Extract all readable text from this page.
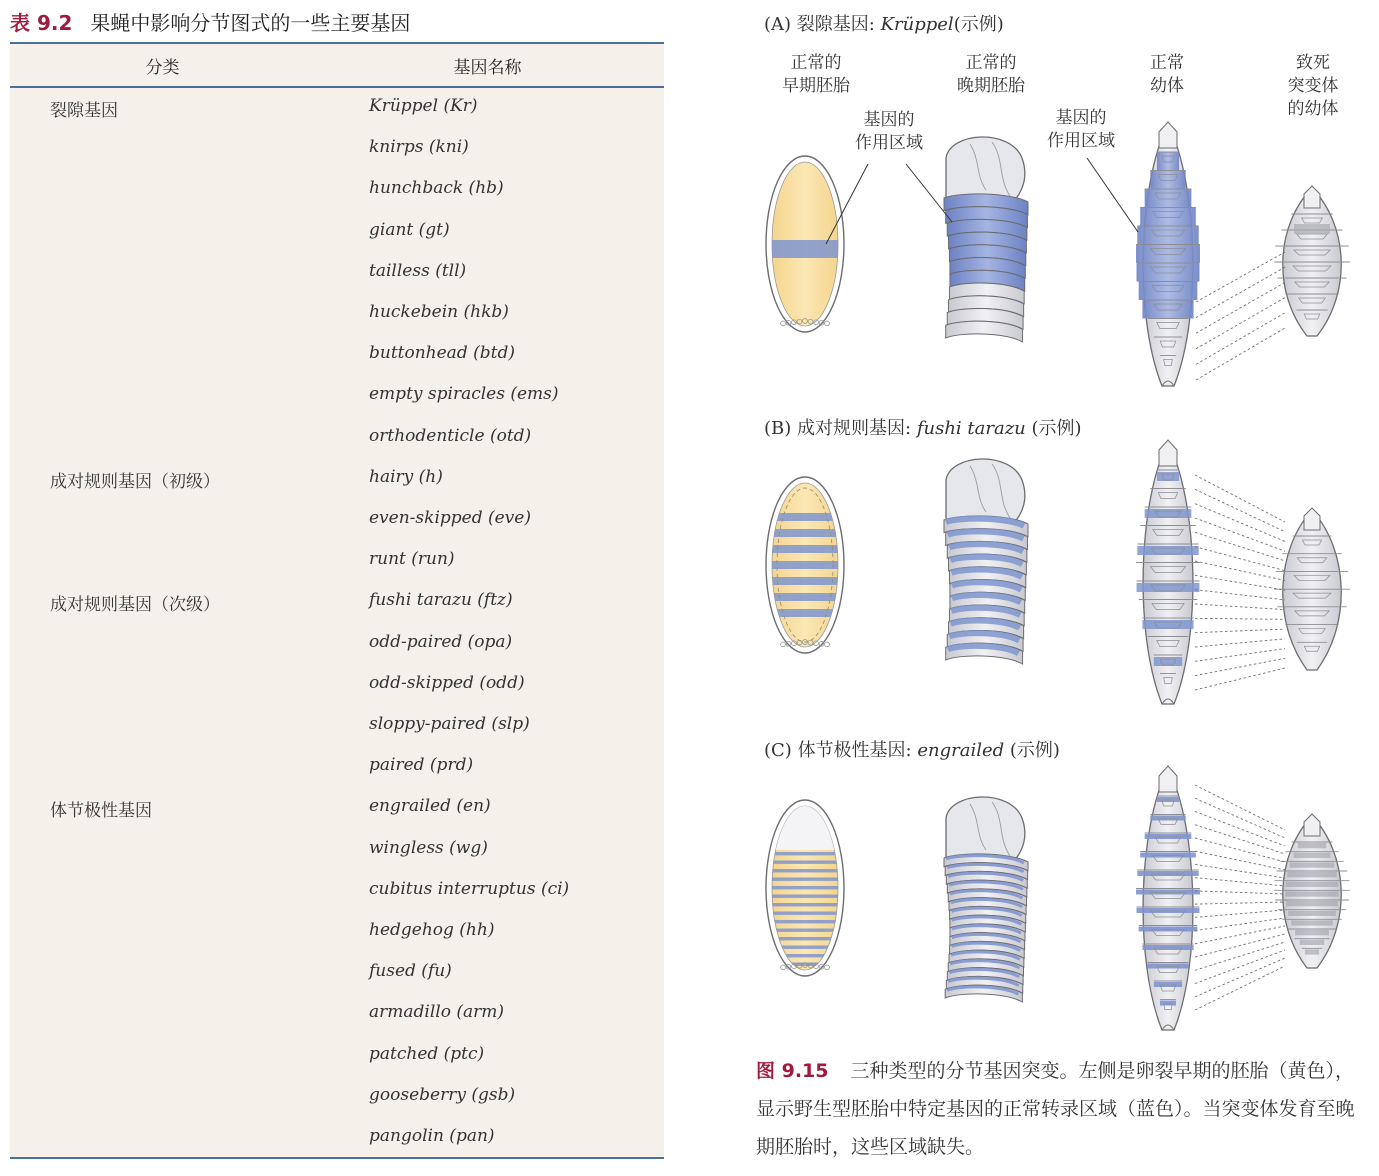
表 9.2 果蝇中影响分节图式的一些主要基因
分类	基因名称
裂隙基因	Krüppel (Kr)
knirps (kni)
hunchback (hb)
giant (gt)
tailless (tll)
huckebein (hkb)
buttonhead (btd)
empty spiracles (ems)
orthodenticle (otd)
成对规则基因（初级）	hairy (h)
even-skipped (eve)
runt (run)
成对规则基因（次级）	fushi tarazu (ftz)
odd-paired (opa)
odd-skipped (odd)
sloppy-paired (slp)
paired (prd)
体节极性基因	engrailed (en)
wingless (wg)
cubitus interruptus (ci)
hedgehog (hh)
fused (fu)
armadillo (arm)
patched (ptc)
gooseberry (gsb)
pangolin (pan)
(A) 裂隙基因: Krüppel(示例)
正常的
早期胚胎
正常的
晚期胚胎
正常
幼体
致死
突变体
的幼体
基因的
作用区域
基因的
作用区域
(B) 成对规则基因: fushi tarazu (示例)
(C) 体节极性基因: engrailed (示例)
图 9.15 三种类型的分节基因突变。左侧是卵裂早期的胚胎（黄色），显示野生型胚胎中特定基因的正常转录区域（蓝色）。当突变体发育至晚期胚胎时，这些区域缺失。
